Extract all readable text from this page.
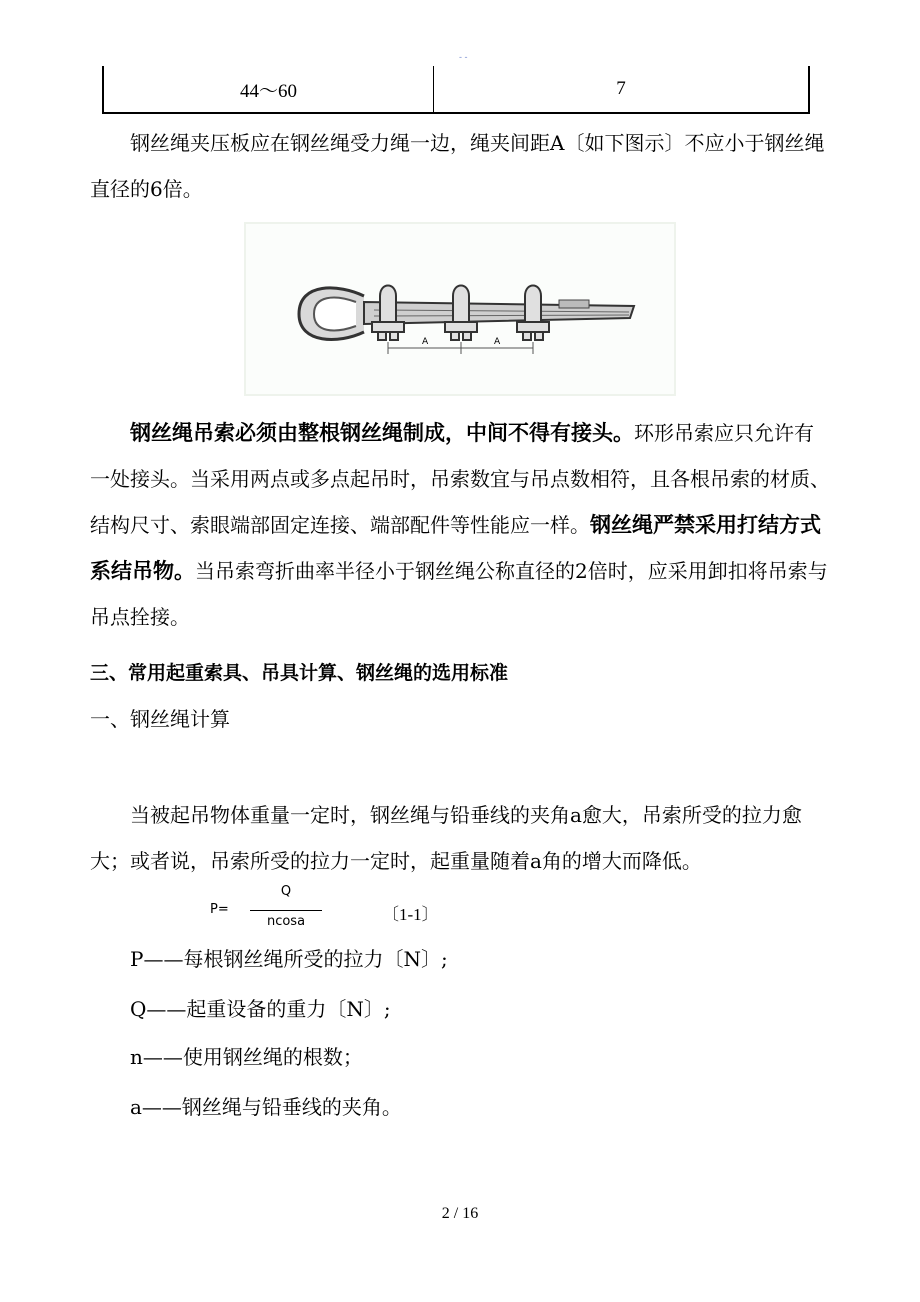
- -
44～60	7
钢丝绳夹压板应在钢丝绳受力绳一边，绳夹间距A〔如下图示〕不应小于钢丝绳直径的6倍。
A	A
钢丝绳吊索必须由整根钢丝绳制成，中间不得有接头。环形吊索应只允许有一处接头。当采用两点或多点起吊时，吊索数宜与吊点数相符，且各根吊索的材质、结构尺寸、索眼端部固定连接、端部配件等性能应一样。钢丝绳严禁采用打结方式系结吊物。当吊索弯折曲率半径小于钢丝绳公称直径的2倍时，应采用卸扣将吊索与吊点拴接。
三、常用起重索具、吊具计算、钢丝绳的选用标准
一、钢丝绳计算
当被起吊物体重量一定时，钢丝绳与铅垂线的夹角a愈大，吊索所受的拉力愈大；或者说，吊索所受的拉力一定时，起重量随着a角的增大而降低。
P=
Q
ncosa	〔1-1〕
P——每根钢丝绳所受的拉力〔N〕;
Q——起重设备的重力〔N〕;
n——使用钢丝绳的根数；
a——钢丝绳与铅垂线的夹角。
2 / 16
